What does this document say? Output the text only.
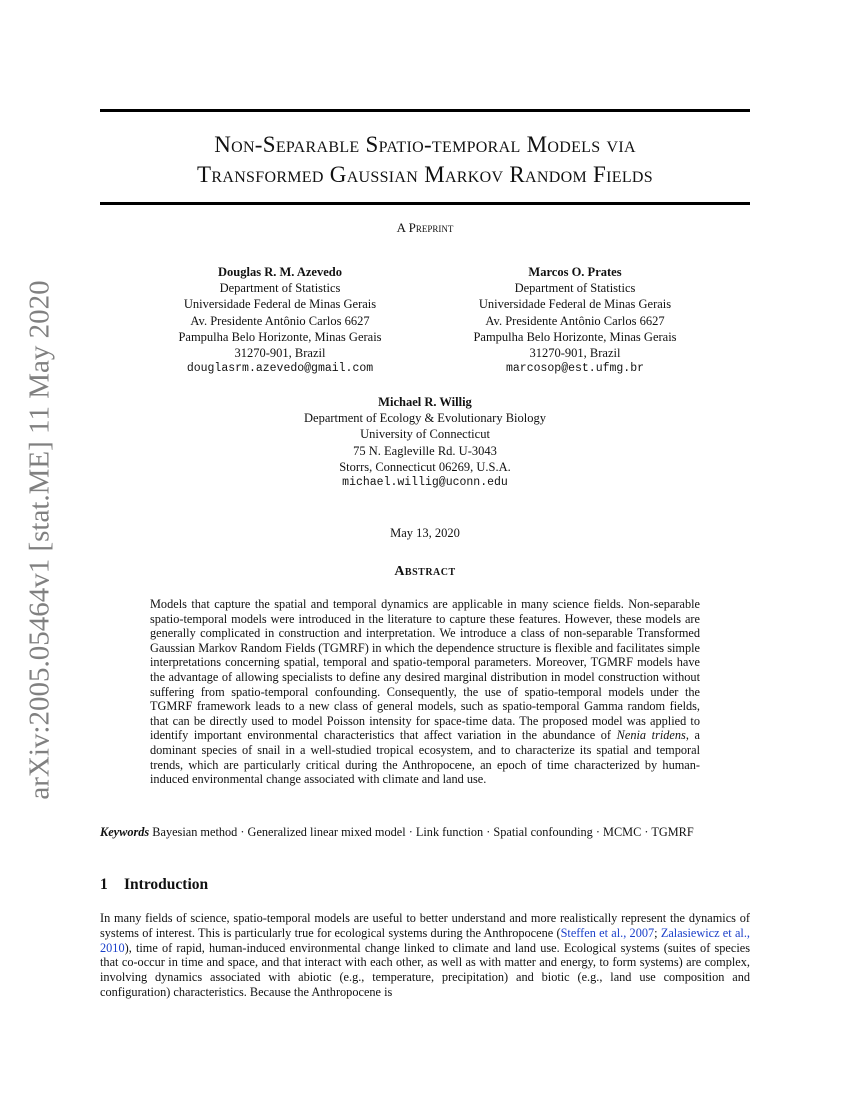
arXiv:2005.05464v1 [stat.ME] 11 May 2020
Non-Separable Spatio-temporal Models via
Transformed Gaussian Markov Random Fields
A Preprint
Douglas R. M. Azevedo
Department of Statistics
Universidade Federal de Minas Gerais
Av. Presidente Antônio Carlos 6627
Pampulha Belo Horizonte, Minas Gerais
31270-901, Brazil
douglasrm.azevedo@gmail.com
Marcos O. Prates
Department of Statistics
Universidade Federal de Minas Gerais
Av. Presidente Antônio Carlos 6627
Pampulha Belo Horizonte, Minas Gerais
31270-901, Brazil
marcosop@est.ufmg.br
Michael R. Willig
Department of Ecology & Evolutionary Biology
University of Connecticut
75 N. Eagleville Rd. U-3043
Storrs, Connecticut 06269, U.S.A.
michael.willig@uconn.edu
May 13, 2020
Abstract
Models that capture the spatial and temporal dynamics are applicable in many science fields. Non-separable spatio-temporal models were introduced in the literature to capture these features. However, these models are generally complicated in construction and interpretation. We introduce a class of non-separable Transformed Gaussian Markov Random Fields (TGMRF) in which the dependence structure is flexible and facilitates simple interpretations concerning spatial, temporal and spatio-temporal parameters. Moreover, TGMRF models have the advantage of allowing specialists to define any desired marginal distribution in model construction without suffering from spatio-temporal confounding. Consequently, the use of spatio-temporal models under the TGMRF framework leads to a new class of general models, such as spatio-temporal Gamma random fields, that can be directly used to model Poisson intensity for space-time data. The proposed model was applied to identify important environmental characteristics that affect variation in the abundance of Nenia tridens, a dominant species of snail in a well-studied tropical ecosystem, and to characterize its spatial and temporal trends, which are particularly critical during the Anthropocene, an epoch of time characterized by human-induced environmental change associated with climate and land use.
Keywords Bayesian method · Generalized linear mixed model · Link function · Spatial confounding · MCMC · TGMRF
1 Introduction
In many fields of science, spatio-temporal models are useful to better understand and more realistically represent the dynamics of systems of interest. This is particularly true for ecological systems during the Anthropocene (Steffen et al., 2007; Zalasiewicz et al., 2010), time of rapid, human-induced environmental change linked to climate and land use. Ecological systems (suites of species that co-occur in time and space, and that interact with each other, as well as with matter and energy, to form systems) are complex, involving dynamics associated with abiotic (e.g., temperature, precipitation) and biotic (e.g., land use composition and configuration) characteristics. Because the Anthropocene is
